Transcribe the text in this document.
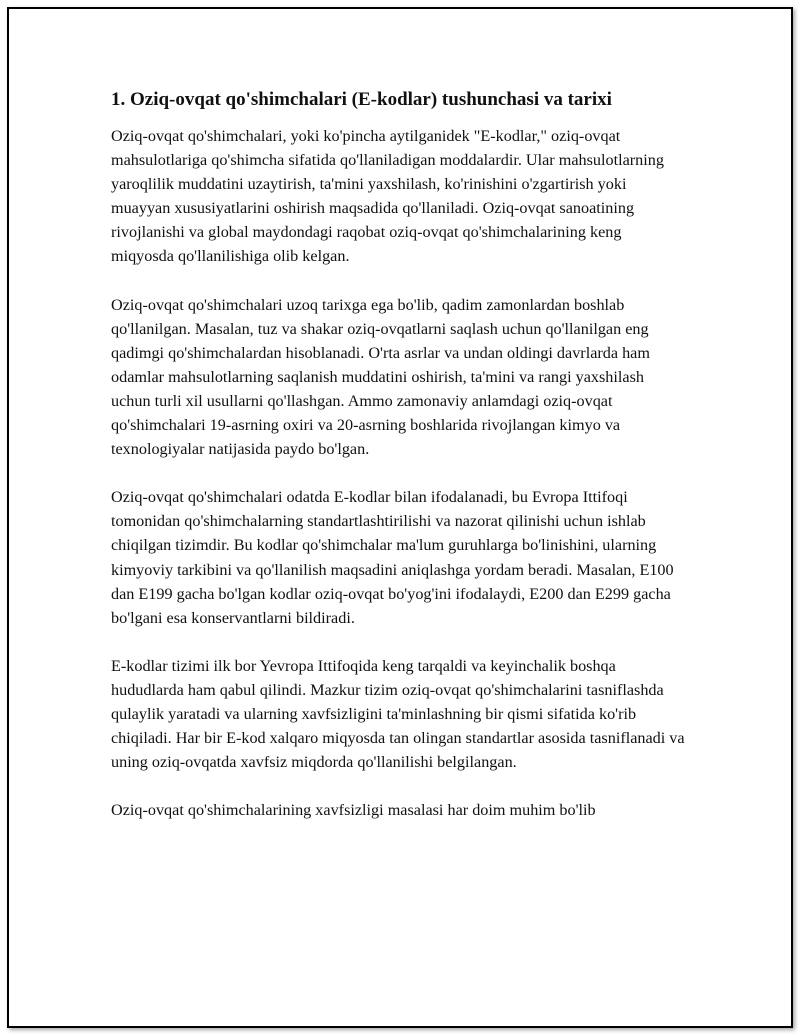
1. Oziq-ovqat qo'shimchalari (E-kodlar) tushunchasi va tarixi

Oziq-ovqat qo'shimchalari, yoki ko'pincha aytilganidek "E-kodlar," oziq-ovqat mahsulotlariga qo'shimcha sifatida qo'llaniladigan moddalardir. Ular mahsulotlarning yaroqlilik muddatini uzaytirish, ta'mini yaxshilash, ko'rinishini o'zgartirish yoki muayyan xususiyatlarini oshirish maqsadida qo'llaniladi. Oziq-ovqat sanoatining rivojlanishi va global maydondagi raqobat oziq-ovqat qo'shimchalarining keng miqyosda qo'llanilishiga olib kelgan.

Oziq-ovqat qo'shimchalari uzoq tarixga ega bo'lib, qadim zamonlardan boshlab qo'llanilgan. Masalan, tuz va shakar oziq-ovqatlarni saqlash uchun qo'llanilgan eng qadimgi qo'shimchalardan hisoblanadi. O'rta asrlar va undan oldingi davrlarda ham odamlar mahsulotlarning saqlanish muddatini oshirish, ta'mini va rangi yaxshilash uchun turli xil usullarni qo'llashgan. Ammo zamonaviy anlamdagi oziq-ovqat qo'shimchalari 19-asrning oxiri va 20-asrning boshlarida rivojlangan kimyo va texnologiyalar natijasida paydo bo'lgan.

Oziq-ovqat qo'shimchalari odatda E-kodlar bilan ifodalanadi, bu Evropa Ittifoqi tomonidan qo'shimchalarning standartlashtirilishi va nazorat qilinishi uchun ishlab chiqilgan tizimdir. Bu kodlar qo'shimchalar ma'lum guruhlarga bo'linishini, ularning kimyoviy tarkibini va qo'llanilish maqsadini aniqlashga yordam beradi. Masalan, E100 dan E199 gacha bo'lgan kodlar oziq-ovqat bo'yog'ini ifodalaydi, E200 dan E299 gacha bo'lgani esa konservantlarni bildiradi.

E-kodlar tizimi ilk bor Yevropa Ittifoqida keng tarqaldi va keyinchalik boshqa hududlarda ham qabul qilindi. Mazkur tizim oziq-ovqat qo'shimchalarini tasniflashda qulaylik yaratadi va ularning xavfsizligini ta'minlashning bir qismi sifatida ko'rib chiqiladi. Har bir E-kod xalqaro miqyosda tan olingan standartlar asosida tasniflanadi va uning oziq-ovqatda xavfsiz miqdorda qo'llanilishi belgilangan.

Oziq-ovqat qo'shimchalarining xavfsizligi masalasi har doim muhim bo'lib
